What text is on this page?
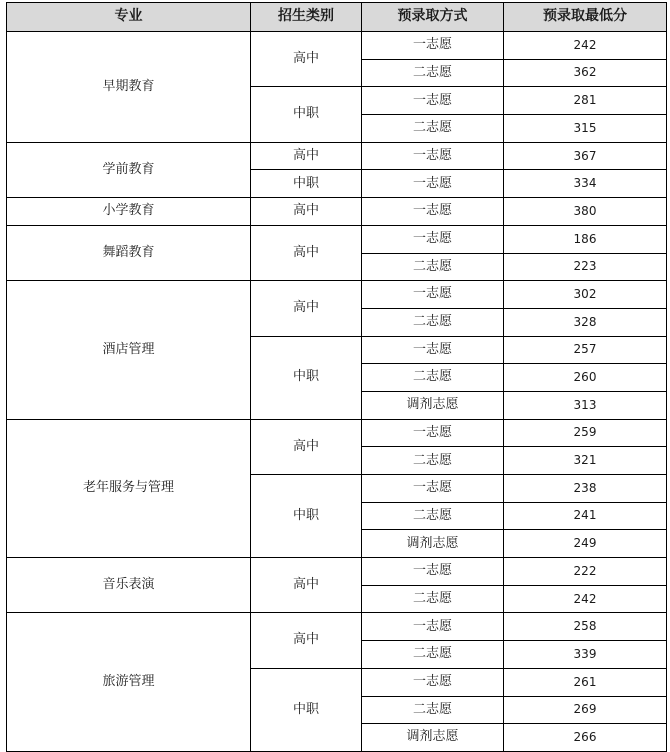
专业	招生类别	预录取方式	预录取最低分
早期教育	高中	一志愿	242
		二志愿	362
	中职	一志愿	281
		二志愿	315
学前教育	高中	一志愿	367
	中职	一志愿	334
小学教育	高中	一志愿	380
舞蹈教育	高中	一志愿	186
		二志愿	223
酒店管理	高中	一志愿	302
		二志愿	328
	中职	一志愿	257
		二志愿	260
		调剂志愿	313
老年服务与管理	高中	一志愿	259
		二志愿	321
	中职	一志愿	238
		二志愿	241
		调剂志愿	249
音乐表演	高中	一志愿	222
		二志愿	242
旅游管理	高中	一志愿	258
		二志愿	339
	中职	一志愿	261
		二志愿	269
		调剂志愿	266
